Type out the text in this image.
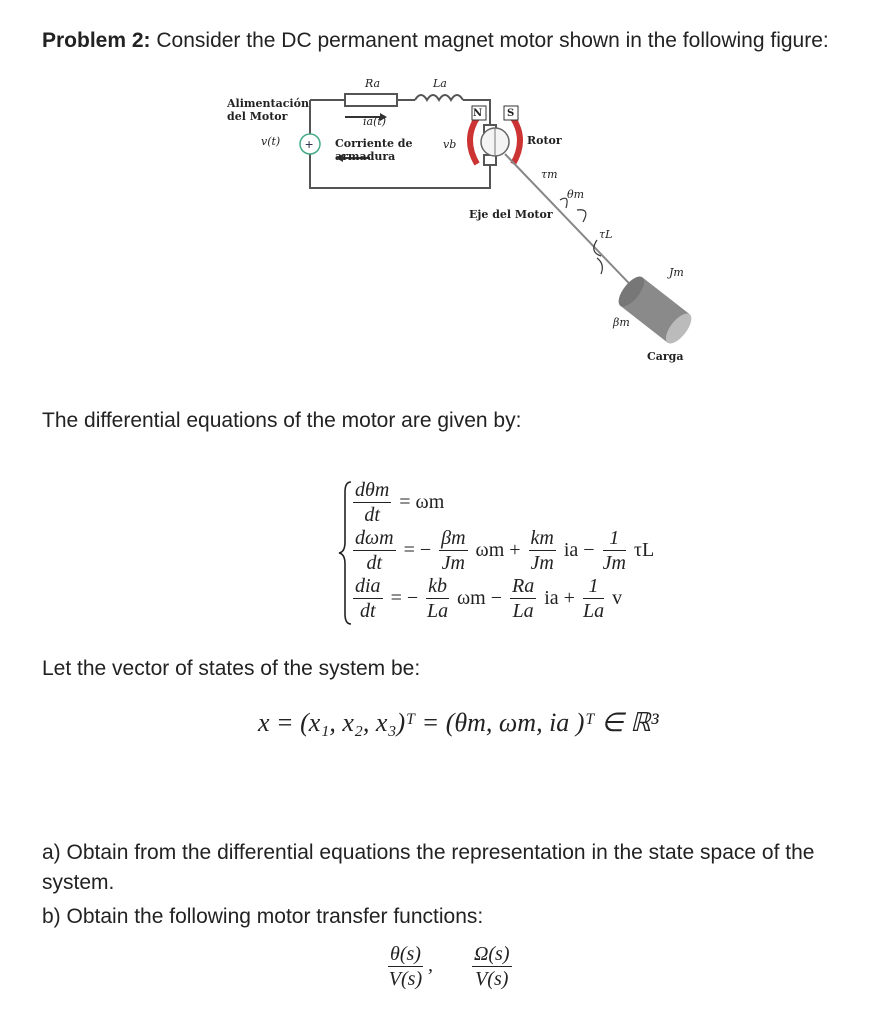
Problem 2: Consider the DC permanent magnet motor shown in the following figure:
+
Alimentación
del Motor
Corriente de
armadura
Rotor
Eje del Motor
Carga
N S
v(t)
Ra	La
ia(t)
vb
τm
θm
τL
Jm
βm
The differential equations of the motor are given by:
$\frac{\text{dθm}}{dt} = \omega m$
$\frac{\text{dωm}}{dt}$ = − $\frac{\beta m}{Jm}$ $\omega m + \frac{km}{Jm}$ ia − $\frac{1}{Jm}$ τL
$\frac{\text{dia}}{dt}$ = − $\frac{kb}{La}$ $\omega m - \frac{Ra}{La}$ ia + $\frac{1}{La}$ v
Let the vector of states of the system be:
x = (x₁, x₂, x₃)ᵀ = (θm, ωm, ia )ᵀ ∈ ℝ³
a) Obtain from the differential equations the representation in the state space of the system.
b) Obtain the following motor transfer functions:
$\frac{\theta(s)}{V(s)}$ , $\frac{\Omega(s)}{V(s)}$
